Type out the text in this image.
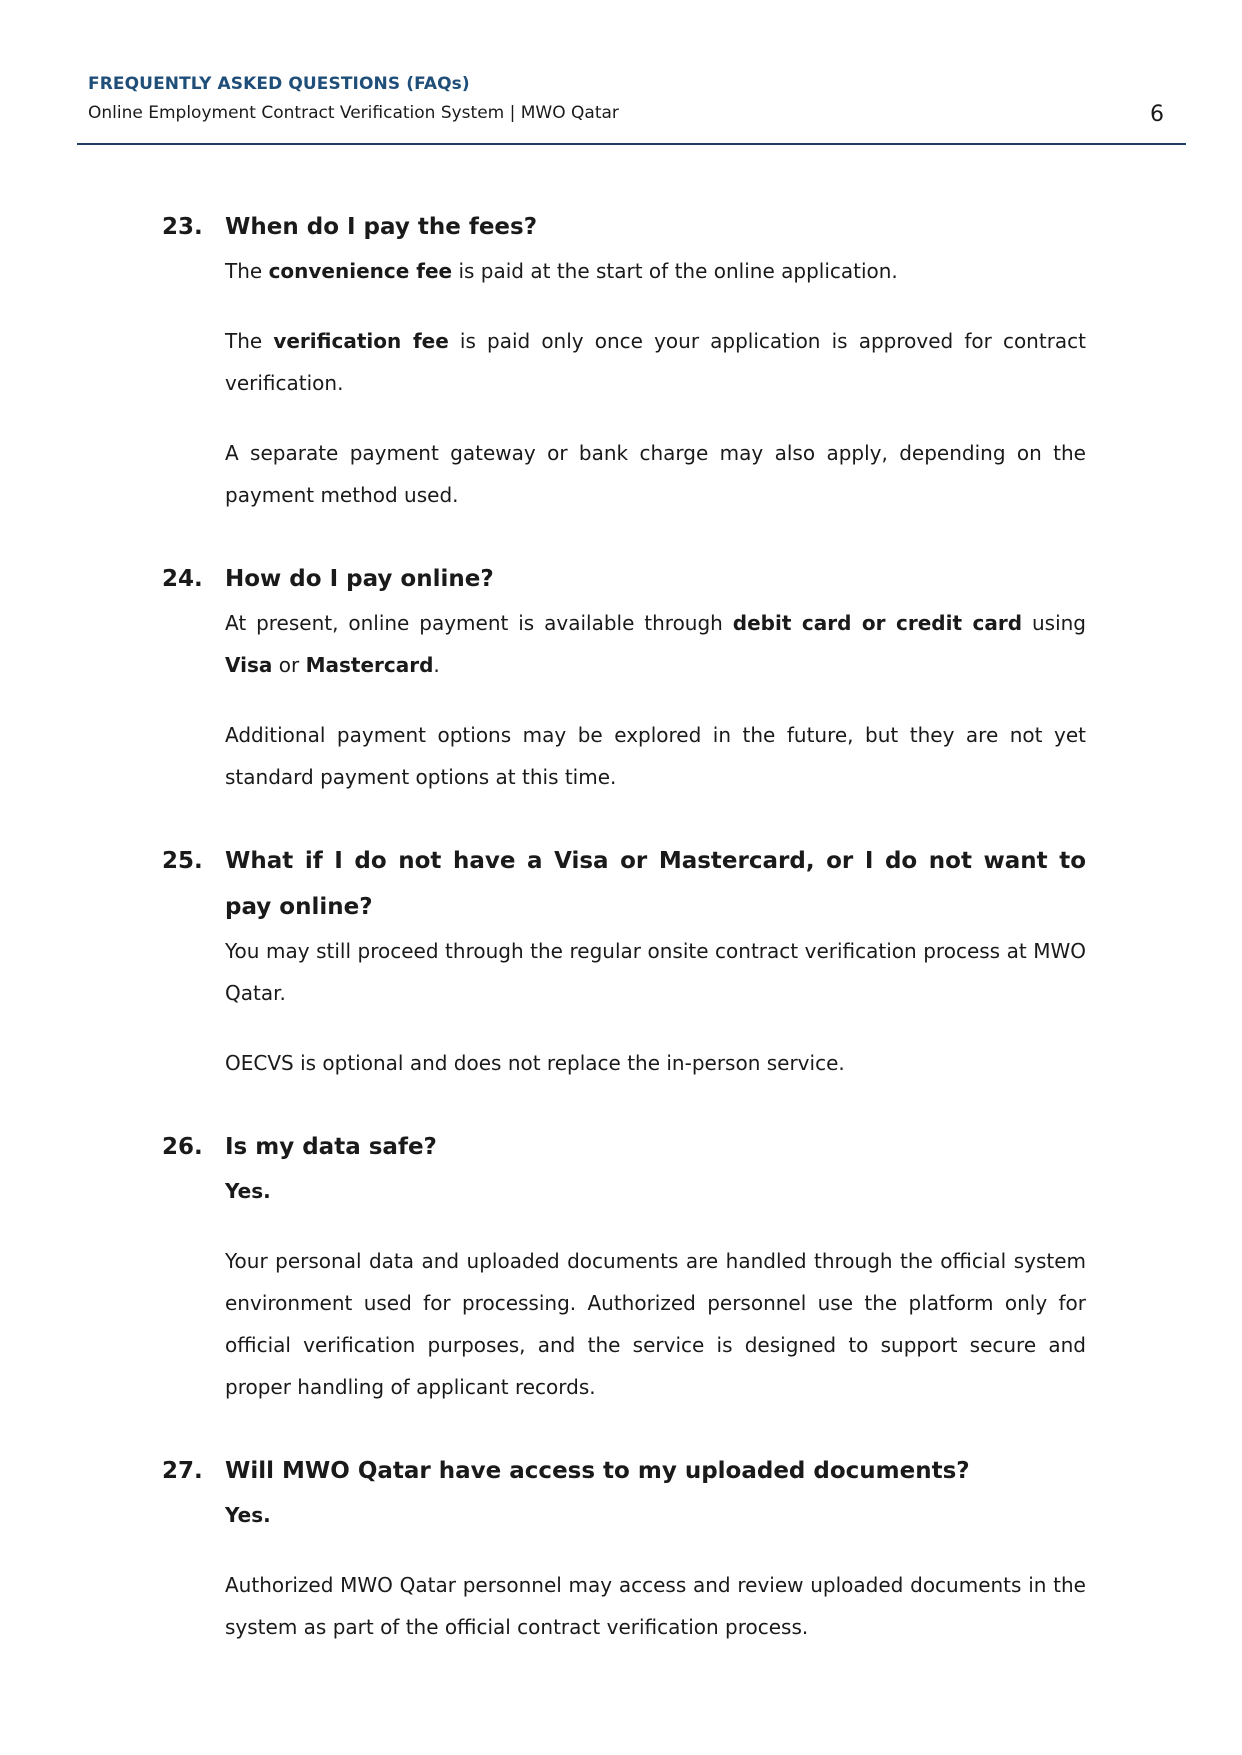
FREQUENTLY ASKED QUESTIONS (FAQs)
Online Employment Contract Verification System | MWO Qatar	6
23. When do I pay the fees?

The convenience fee is paid at the start of the online application.

The verification fee is paid only once your application is approved for contract verification.

A separate payment gateway or bank charge may also apply, depending on the payment method used.

24. How do I pay online?

At present, online payment is available through debit card or credit card using Visa or Mastercard.

Additional payment options may be explored in the future, but they are not yet standard payment options at this time.

25. What if I do not have a Visa or Mastercard, or I do not want to pay online?

You may still proceed through the regular onsite contract verification process at MWO Qatar.

OECVS is optional and does not replace the in-person service.

26. Is my data safe?
Yes.

Your personal data and uploaded documents are handled through the official system environment used for processing. Authorized personnel use the platform only for official verification purposes, and the service is designed to support secure and proper handling of applicant records.

27. Will MWO Qatar have access to my uploaded documents?
Yes.

Authorized MWO Qatar personnel may access and review uploaded documents in the system as part of the official contract verification process.
